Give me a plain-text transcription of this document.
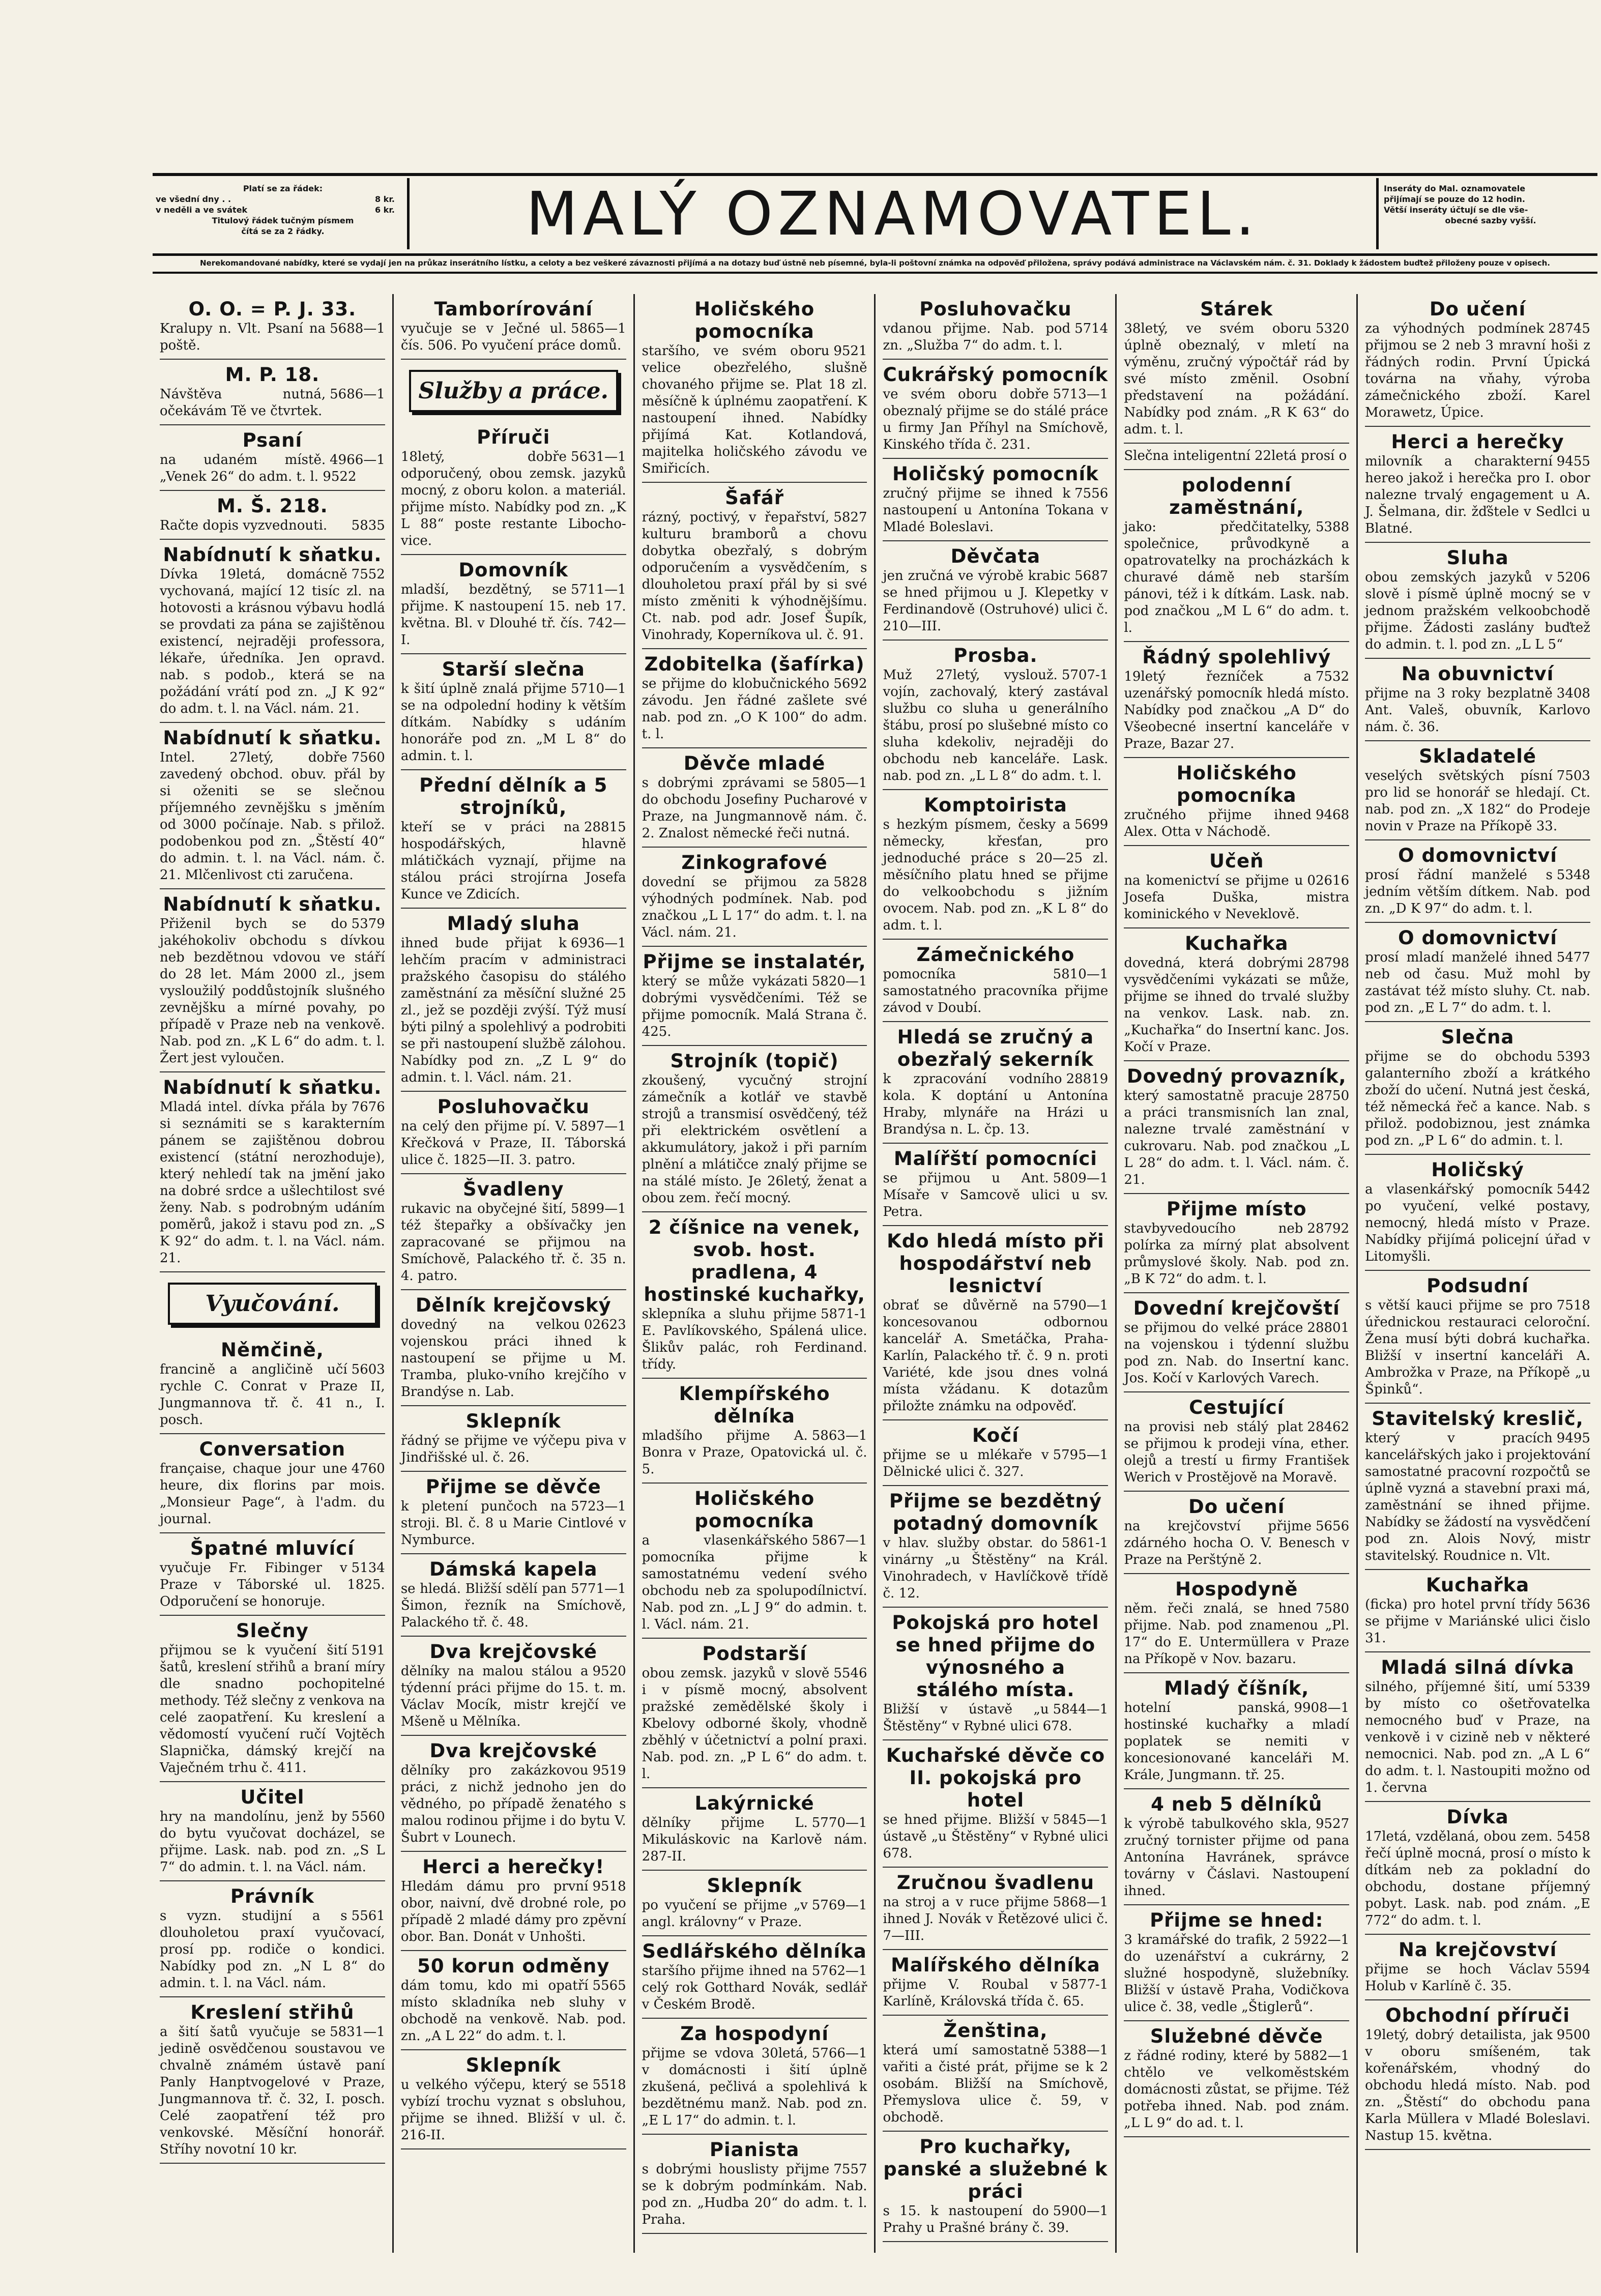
Platí se za řádek:
ve všední dny . .	8 kr.
v neděli a ve svátek	6 kr.
Titulový řádek tučným písmem
čítá se za 2 řádky.	MALÝ OZNAMOVATEL.	Inseráty do Mal. oznamovatele
přijímají se pouze do 12 hodin.
Větší inseráty účtují se dle vše-
obecné sazby vyšší.
Nerekomandované nabídky, které se vydají jen na průkaz inserátního lístku, a celoty a bez veškeré závaznosti přijímá a na dotazy buď ústně neb písemné, byla-li poštovní známka na odpověď přiložena, správy podává administrace na Václavském nám. č. 31. Doklady k žádostem buďtež přiloženy pouze v opisech.
O. O. = P. J. 33.
5688—1
Kralupy n. Vlt. Psaní na poště.
M. P. 18.
5686—1
Návštěva nutná, očekávám Tě ve čtvrtek.
Psaní
4966—1
na udaném místě. „Venek 26“ do adm. t. l. 9522
M. Š. 218.
5835
Račte dopis vyzvednouti.
Nabídnutí k sňatku.
7552
Dívka 19letá, domácně vychovaná, mající 12 tisíc zl. na hotovosti a krásnou výbavu hodlá se provdati za pána se zajištěnou existencí, nejraději professora, lékaře, úředníka. Jen opravd. nab. s podob., která se na požádání vrátí pod zn. „J K 92“ do adm. t. l. na Václ. nám. 21.
Nabídnutí k sňatku.
7560
Intel. 27letý, dobře zavedený obchod. obuv. přál by si oženiti se se slečnou příjemného zevnějšku s jměním od 3000 počínaje. Nab. s přilož. podobenkou pod zn. „Štěstí 40“ do admin. t. l. na Václ. nám. č. 21. Mlčenlivost cti zaručena.
Nabídnutí k sňatku.
5379
Přiženil bych se do jakéhokoliv obchodu s dívkou neb bezdětnou vdovou ve stáří do 28 let. Mám 2000 zl., jsem vysloužilý poddůstojník slušného zevnějšku a mírné povahy, po případě v Praze neb na venkově. Nab. pod zn. „K L 6“ do adm. t. l. Žert jest vyloučen.
Nabídnutí k sňatku.
7676
Mladá intel. dívka přála by si seznámiti se s karakterním pánem se zajištěnou dobrou existencí (státní nerozhoduje), který nehledí tak na jmění jako na dobré srdce a ušlechtilost své ženy. Nab. s podrobným udáním poměrů, jakož i stavu pod zn. „S K 92“ do adm. t. l. na Václ. nám. 21.
Vyučování.
Němčině,
5603
francině a angličině učí rychle C. Conrat v Praze II, Jungmannova tř. č. 41 n., I. posch.
Conversation
4760
française, chaque jour une heure, dix florins par mois. „Monsieur Page“, à l'adm. du journal.
Špatné mluvící
5134
vyučuje Fr. Fibinger v Praze v Táborské ul. 1825. Odporučení se honoruje.
Slečny
5191
přijmou se k vyučení šití šatů, kreslení střihů a braní míry dle snadno pochopitelné methody. Též slečny z venkova na celé zaopatření. Ku kreslení a vědomostí vyučení ručí Vojtěch Slapnička, dámský krejčí na Vaječném trhu č. 411.
Učitel
5560
hry na mandolínu, jenž by do bytu vyučovat docházel, se přijme. Lask. nab. pod zn. „S L 7“ do admin. t. l. na Václ. nám.
Právník
5561
s vyzn. studijní a s dlouholetou praxí vyučovací, prosí pp. rodiče o kondici. Nabídky pod zn. „N L 8“ do admin. t. l. na Václ. nám.
Kreslení střihů
5831—1
a šití šatů vyučuje se jedině osvědčenou soustavou ve chvalně známém ústavě paní Panly Hanptvogelové v Praze, Jungmannova tř. č. 32, I. posch. Celé zaopatření též pro venkovské. Měsíční honorář. Stříhy novotní 10 kr.
Tamborírování
5865—1
vyučuje se v Ječné ul. čís. 506. Po vyučení práce domů.
Služby a práce.
Příruči
5631—1
18letý, dobře odporučený, obou zemsk. jazyků mocný, z oboru kolon. a materiál. přijme místo. Nabídky pod zn. „K L 88“ poste restante Libocho-vice.
Domovník
5711—1
mladší, bezdětný, se přijme. K nastoupení 15. neb 17. května. Bl. v Dlouhé tř. čís. 742—I.
Starší slečna
5710—1
k šití úplně znalá přijme se na odpolední hodiny k větším dítkám. Nabídky s udáním honoráře pod zn. „M L 8“ do admin. t. l.
Přední dělník a 5 strojníků,
28815
kteří se v práci na hospodářských, hlavně mlátičkách vyznají, přijme na stálou práci strojírna Josefa Kunce ve Zdicích.
Mladý sluha
6936—1
ihned bude přijat k lehčím pracím v administraci pražského časopisu do stálého zaměstnání za měsíční služné 25 zl., jež se později zvýší. Týž musí býti pilný a spolehlivý a podrobiti se při nastoupení službě zálohou. Nabídky pod zn. „Z L 9“ do admin. t. l. Václ. nám. 21.
Posluhovačku
5897—1
na celý den přijme pí. V. Křečková v Praze, II. Táborská ulice č. 1825—II. 3. patro.
Švadleny
5899—1
rukavic na obyčejné šití, též štepařky a obšívačky jen zapracované se přijmou na Smíchově, Palackého tř. č. 35 n. 4. patro.
Dělník krejčovský
02623
dovedný na velkou vojenskou práci ihned k nastoupení se přijme u M. Tramba, pluko-vního krejčího v Brandýse n. Lab.
Sklepník
řádný se přijme ve výčepu piva v Jindřišské ul. č. 26.
Přijme se děvče
5723—1
k pletení punčoch na stroji. Bl. č. 8 u Marie Cintlové v Nymburce.
Dámská kapela
5771—1
se hledá. Bližší sdělí pan Šimon, řezník na Smíchově, Palackého tř. č. 48.
Dva krejčovské
9520
dělníky na malou stálou a týdenní práci přijme do 15. t. m. Václav Mocík, mistr krejčí ve Mšeně u Mělníka.
Dva krejčovské
9519
dělníky pro zakázkovou práci, z nichž jednoho jen do vědného, po případě ženatého s malou rodinou přijme i do bytu V. Šubrt v Lounech.
Herci a herečky!
9518
Hledám dámu pro první obor, naivní, dvě drobné role, po případě 2 mladé dámy pro zpěvní obor. Ban. Donát v Unhošti.
50 korun odměny
5565
dám tomu, kdo mi opatří místo skladníka neb sluhy v obchodě na venkově. Nab. pod. zn. „A L 22“ do adm. t. l.
Sklepník
5518
u velkého výčepu, který se vybízí trochu vyznat s obsluhou, přijme se ihned. Bližší v ul. č. 216-II.
Holičského pomocníka
9521
staršího, ve svém oboru velice obezřelého, slušně chovaného přijme se. Plat 18 zl. měsíčně k úplnému zaopatření. K nastoupení ihned. Nabídky přijímá Kat. Kotlandová, majitelka holičského závodu ve Smiřicích.
Šafář
5827
rázný, poctivý, v řepařství, kulturu bramborů a chovu dobytka obezřalý, s dobrým odporučením a vysvědčením, s dlouholetou praxí přál by si své místo změniti k výhodnějšímu. Ct. nab. pod adr. Josef Šupík, Vinohrady, Koperníkova ul. č. 91.
Zdobitelka (šafírka)
5692
se přijme do klobučnického závodu. Jen řádné zašlete své nab. pod zn. „O K 100“ do adm. t. l.
Děvče mladé
5805—1
s dobrými zprávami se do obchodu Josefiny Pucharové v Praze, na Jungmannově nám. č. 2. Znalost německé řeči nutná.
Zinkografové
5828
dovední se přijmou za výhodných podmínek. Nab. pod značkou „L L 17“ do adm. t. l. na Václ. nám. 21.
Přijme se instalatér,
5820—1
který se může vykázati dobrými vysvědčeními. Též se přijme pomocník. Malá Strana č. 425.
Strojník (topič)
zkoušený, vycučný strojní zámečník a kotlář ve stavbě strojů a transmisí osvědčený, též při elektrickém osvětlení a akkumulátory, jakož i při parním plnění a mlátičce znalý přijme se na stálé místo. Je 26letý, ženat a obou zem. řečí mocný.
2 číšnice na venek, svob. host. pradlena, 4 hostinské kuchařky,
5871-1
sklepníka a sluhu přijme E. Pavlíkovského, Spálená ulice. Šlikův palác, roh Ferdinand. třídy.
Klempířského dělníka
5863—1
mladšího přijme A. Bonra v Praze, Opatovická ul. č. 5.
Holičského pomocníka
5867—1
a vlasenkářského pomocníka přijme k samostatnému vedení svého obchodu neb za spolupodílnictví. Nab. pod zn. „L J 9“ do admin. t. l. Václ. nám. 21.
Podstarší
5546
obou zemsk. jazyků v slově i v písmě mocný, absolvent pražské zemědělské školy i Kbelovy odborné školy, vhodně zběhlý v účetnictví a polní praxi. Nab. pod. zn. „P L 6“ do adm. t. l.
Lakýrnické
5770—1
dělníky přijme L. Mikuláskovic na Karlově nám. 287-II.
Sklepník
5769—1
po vyučení se přijme „v angl. královny“ v Praze.
Sedlářského dělníka
5762—1
staršího přijme ihned na celý rok Gotthard Novák, sedlář v Českém Brodě.
Za hospodyní
5766—1
přijme se vdova 30letá, v domácnosti i šití úplně zkušená, pečlivá a spolehlivá k bezdětnému manž. Nab. pod zn. „E L 17“ do admin. t. l.
Pianista
7557
s dobrými houslisty přijme se k dobrým podmínkám. Nab. pod zn. „Hudba 20“ do adm. t. l. Praha.
Posluhovačku
5714
vdanou přijme. Nab. pod zn. „Služba 7“ do adm. t. l.
Cukrářský pomocník
5713—1
ve svém oboru dobře obeznalý přijme se do stálé práce u firmy Jan Příhyl na Smíchově, Kinského třída č. 231.
Holičský pomocník
7556
zručný přijme se ihned k nastoupení u Antonína Tokana v Mladé Boleslavi.
Děvčata
5687
jen zručná ve výrobě krabic se hned přijmou u J. Klepetky v Ferdinandově (Ostruhové) ulici č. 210—III.
Prosba.
5707-1
Muž 27letý, vyslouž. vojín, zachovalý, který zastával službu co sluha u generálního štábu, prosí po slušebné místo co sluha kdekoliv, nejraději do obchodu neb kanceláře. Lask. nab. pod zn. „L L 8“ do adm. t. l.
Komptoiristа
5699
s hezkým písmem, česky a německy, křesťan, pro jednoduché práce s 20—25 zl. měsíčního platu hned se přijme do velkoobchodu s jižním ovocem. Nab. pod zn. „K L 8“ do adm. t. l.
Zámečnického
5810—1
pomocníka samostatného pracovníka přijme závod v Doubí.
Hledá se zručný a obezřalý sekerník
28819
k zpracování vodního kola. K doptání u Antonína Hraby, mlynáře na Hrázi u Brandýsa n. L. čp. 13.
Malířští pomocníci
5809—1
se přijmou u Ant. Mísaře v Samcově ulici u sv. Petra.
Kdo hledá místo při hospodářství neb lesnictví
5790—1
obrať se důvěrně na koncesovanou odbornou kancelář A. Smetáčka, Praha-Karlín, Palackého tř. č. 9 n. proti Variété, kde jsou dnes volná místa vžádanu. K dotazům přiložte známku na odpověď.
Kočí
5795—1
přijme se u mlékaře v Dělnické ulici č. 327.
Přijme se bezdětný potadný domovník
5861-1
v hlav. služby obstar. do vinárny „u Štěstěny“ na Král. Vinohradech, v Havlíčkově třídě č. 12.
Pokojská pro hotel se hned přijme do výnosného a stálého místa.
5844—1
Bližší v ústavě „u Štěstěny“ v Rybné ulici 678.
Kuchařské děvče co II. pokojská pro hotel
5845—1
se hned přijme. Bližší v ústavě „u Štěstěny“ v Rybné ulici 678.
Zručnou švadlenu
5868—1
na stroj a v ruce přijme ihned J. Novák v Řetězové ulici č. 7—III.
Malířského dělníka
5877-1
přijme V. Roubal v Karlíně, Královská třída č. 65.
Ženština,
5388—1
která umí samostatně vařiti a čisté prát, přijme se k 2 osobám. Bližší na Smíchově, Přemyslova ulice č. 59, v obchodě.
Pro kuchařky, panské a služebné k práci
5900—1
s 15. k nastoupení do Prahy u Prašné brány č. 39.
Stárek
5320
38letý, ve svém oboru úplně obeznalý, v mletí na výměnu, zručný výpočtář rád by své místo změnil. Osobní představení na požádání. Nabídky pod znám. „R K 63“ do adm. t. l.
Slečna inteligentní 22letá prosí o
polodenní zaměstnání,
5388
jako: předčitatelky, společnice, průvodkyně a opatrovatelky na procházkách k churavé dámě neb starším pánovi, též i k dítkám. Lask. nab. pod značkou „M L 6“ do adm. t. l.
Řádný spolehlivý
7532
19letý řezníček a uzenářský pomocník hledá místo. Nabídky pod značkou „A D“ do Všeobecné insertní kanceláře v Praze, Bazar 27.
Holičského pomocníka
9468
zručného přijme ihned Alex. Otta v Náchodě.
Učeň
02616
na komenictví se přijme u Josefa Duška, mistra kominického v Neveklově.
Kuchařka
28798
dovedná, která dobrými vysvědčeními vykázati se může, přijme se ihned do trvalé služby na venkov. Lask. nab. zn. „Kuchařka“ do Insertní kanc. Jos. Kočí v Praze.
Dovedný provazník,
28750
který samostatně pracuje a práci transmisních lan znal, nalezne trvalé zaměstnání v cukrovaru. Nab. pod značkou „L L 28“ do adm. t. l. Václ. nám. č. 21.
Přijme místo
28792
stavbyvedoucího neb polírka za mírný plat absolvent průmyslové školy. Nab. pod zn. „B K 72“ do adm. t. l.
Dovední krejčovští
28801
se přijmou do velké práce na vojenskou i týdenní službu pod zn. Nab. do Insertní kanc. Jos. Kočí v Karlových Varech.
Cestující
28462
na provisi neb stálý plat se přijmou k prodeji vína, ether. olejů a trestí u firmy František Werich v Prostějově na Moravě.
Do učení
5656
na krejčovství přijme zdárného hocha O. V. Benesch v Praze na Perštýně 2.
Hospodyně
7580
něm. řeči znalá, se hned přijme. Nab. pod znamenou „Pl. 17“ do E. Untermüllera v Praze na Příkopě v Nov. bazaru.
Mladý číšník,
9908—1
hotelní panská, hostinské kuchařky a mladí poplatek se nemiti v koncesionované kanceláři M. Krále, Jungmann. tř. 25.
4 neb 5 dělníků
9527
k výrobě tabulkového skla, zručný tornister přijme od pana Antonína Havránek, správce továrny v Čáslavi. Nastoupení ihned.
Přijme se hned:
5922—1
3 kramářské do trafik, 2 do uzenářství a cukrárny, 2 služné hospodyně, služebníky. Bližší v ústavě Praha, Vodičkova ulice č. 38, vedle „Štiglerů“.
Služebné děvče
5882—1
z řádné rodiny, které by chtělo ve velkoměstském domácnosti zůstat, se přijme. Též potřeba ihned. Nab. pod znám. „L L 9“ do ad. t. l.
Do učení
28745
za výhodných podmínek přijmou se 2 neb 3 mravní hoši z řádných rodin. První Úpická továrna na vňahy, výroba zámečnického zboží. Karel Morawetz, Úpice.
Herci a herečky
9455
milovník a charakterní hereo jakož i herečka pro I. obor nalezne trvalý engagement u A. J. Šelmana, dir. žďštele v Sedlci u Blatné.
Sluha
5206
obou zemských jazyků v slově i písmě úplně mocný se v jednom pražském velkoobchodě přijme. Žádosti zaslány buďtež do admin. t. l. pod zn. „L L 5“
Na obuvnictví
3408
přijme na 3 roky bezplatně Ant. Valeš, obuvník, Karlovo nám. č. 36.
Skladatelé
7503
veselých světských písní pro lid se honorář se hledají. Ct. nab. pod zn. „X 182“ do Prodeje novin v Praze na Příkopě 33.
O domovnictví
5348
prosí řádní manželé s jedním větším dítkem. Nab. pod zn. „D K 97“ do adm. t. l.
O domovnictví
5477
prosí mladí manželé ihned neb od času. Muž mohl by zastávat též místo sluhy. Ct. nab. pod zn. „E L 7“ do adm. t. l.
Slečna
5393
přijme se do obchodu galanterního zboží a krátkého zboží do učení. Nutná jest česká, též německá řeč a kance. Nab. s přilož. podobiznou, jest známka pod zn. „P L 6“ do admin. t. l.
Holičský
5442
a vlasenkářský pomocník po vyučení, velké postavy, nemocný, hledá místo v Praze. Nabídky přijímá policejní úřad v Litomyšli.
Podsudní
7518
s větší kauci přijme se pro úřednickou restauraci celoroční. Žena musí býti dobrá kuchařka. Bližší v insertní kanceláři A. Ambrožka v Praze, na Příkopě „u Špinků“.
Stavitelský kreslič,
9495
který v pracích kancelářských jako i projektování samostatné pracovní rozpočtů se úplně vyzná a stavební praxi má, zaměstnání se ihned přijme. Nabídky se žádostí na vysvědčení pod zn. Alois Nový, mistr stavitelský. Roudnice n. Vlt.
Kuchařka
5636
(ficka) pro hotel první třídy se přijme v Mariánské ulici čislo 31.
Mladá silná dívka
5339
silného, příjemné šití, umí by místo co ošetřovatelka nemocného buď v Praze, na venkově i v cizině neb v některé nemocnici. Nab. pod zn. „A L 6“ do adm. t. l. Nastoupiti možno od 1. června
Dívka
5458
17letá, vzdělaná, obou zem. řečí úplně mocná, prosí o místo k dítkám neb za pokladní do obchodu, dostane příjemný pobyt. Lask. nab. pod znám. „E 772“ do adm. t. l.
Na krejčovství
5594
přijme se hoch Václav Holub v Karlíně č. 35.
Obchodní příruči
9500
19letý, dobrý detailista, jak v oboru smíšeném, tak kořenářském, vhodný do obchodu hledá místo. Nab. pod zn. „Štěstí“ do obchodu pana Karla Müllera v Mladé Boleslavi. Nastup 15. května.
